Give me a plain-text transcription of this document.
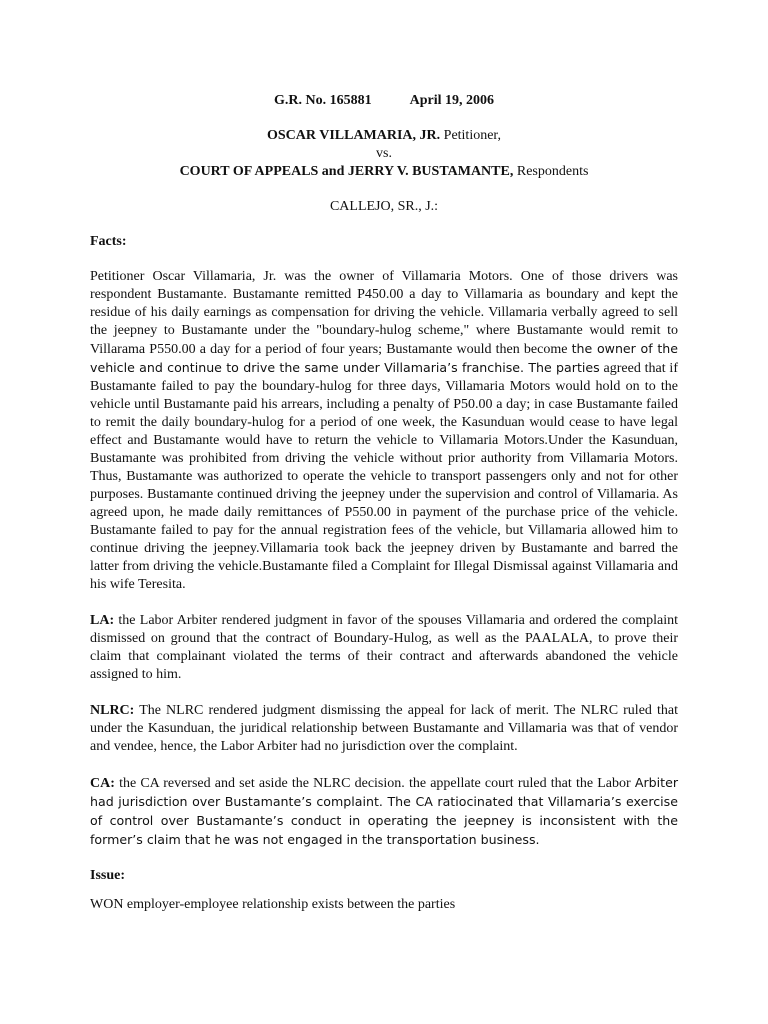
G.R. No. 165881	April 19, 2006
OSCAR VILLAMARIA, JR. Petitioner,
vs.
COURT OF APPEALS and JERRY V. BUSTAMANTE, Respondents
CALLEJO, SR., J.:
Facts:

Petitioner Oscar Villamaria, Jr. was the owner of Villamaria Motors. One of those drivers was respondent Bustamante. Bustamante remitted P450.00 a day to Villamaria as boundary and kept the residue of his daily earnings as compensation for driving the vehicle. Villamaria verbally agreed to sell the jeepney to Bustamante under the "boundary-hulog scheme," where Bustamante would remit to Villarama P550.00 a day for a period of four years; Bustamante would then become the owner of the vehicle and continue to drive the same under Villamaria’s franchise. The parties agreed that if Bustamante failed to pay the boundary-hulog for three days, Villamaria Motors would hold on to the vehicle until Bustamante paid his arrears, including a penalty of P50.00 a day; in case Bustamante failed to remit the daily boundary-hulog for a period of one week, the Kasunduan would cease to have legal effect and Bustamante would have to return the vehicle to Villamaria Motors.Under the Kasunduan, Bustamante was prohibited from driving the vehicle without prior authority from Villamaria Motors. Thus, Bustamante was authorized to operate the vehicle to transport passengers only and not for other purposes. Bustamante continued driving the jeepney under the supervision and control of Villamaria. As agreed upon, he made daily remittances of P550.00 in payment of the purchase price of the vehicle. Bustamante failed to pay for the annual registration fees of the vehicle, but Villamaria allowed him to continue driving the jeepney.Villamaria took back the jeepney driven by Bustamante and barred the latter from driving the vehicle.Bustamante filed a Complaint for Illegal Dismissal against Villamaria and his wife Teresita.

LA: the Labor Arbiter rendered judgment in favor of the spouses Villamaria and ordered the complaint dismissed on ground that the contract of Boundary-Hulog, as well as the PAALALA, to prove their claim that complainant violated the terms of their contract and afterwards abandoned the vehicle assigned to him.

NLRC: The NLRC rendered judgment dismissing the appeal for lack of merit. The NLRC ruled that under the Kasunduan, the juridical relationship between Bustamante and Villamaria was that of vendor and vendee, hence, the Labor Arbiter had no jurisdiction over the complaint.

CA: the CA reversed and set aside the NLRC decision. the appellate court ruled that the Labor Arbiter had jurisdiction over Bustamante’s complaint. The CA ratiocinated that Villamaria’s exercise of control over Bustamante’s conduct in operating the jeepney is inconsistent with the former’s claim that he was not engaged in the transportation business.

Issue:

WON employer-employee relationship exists between the parties
